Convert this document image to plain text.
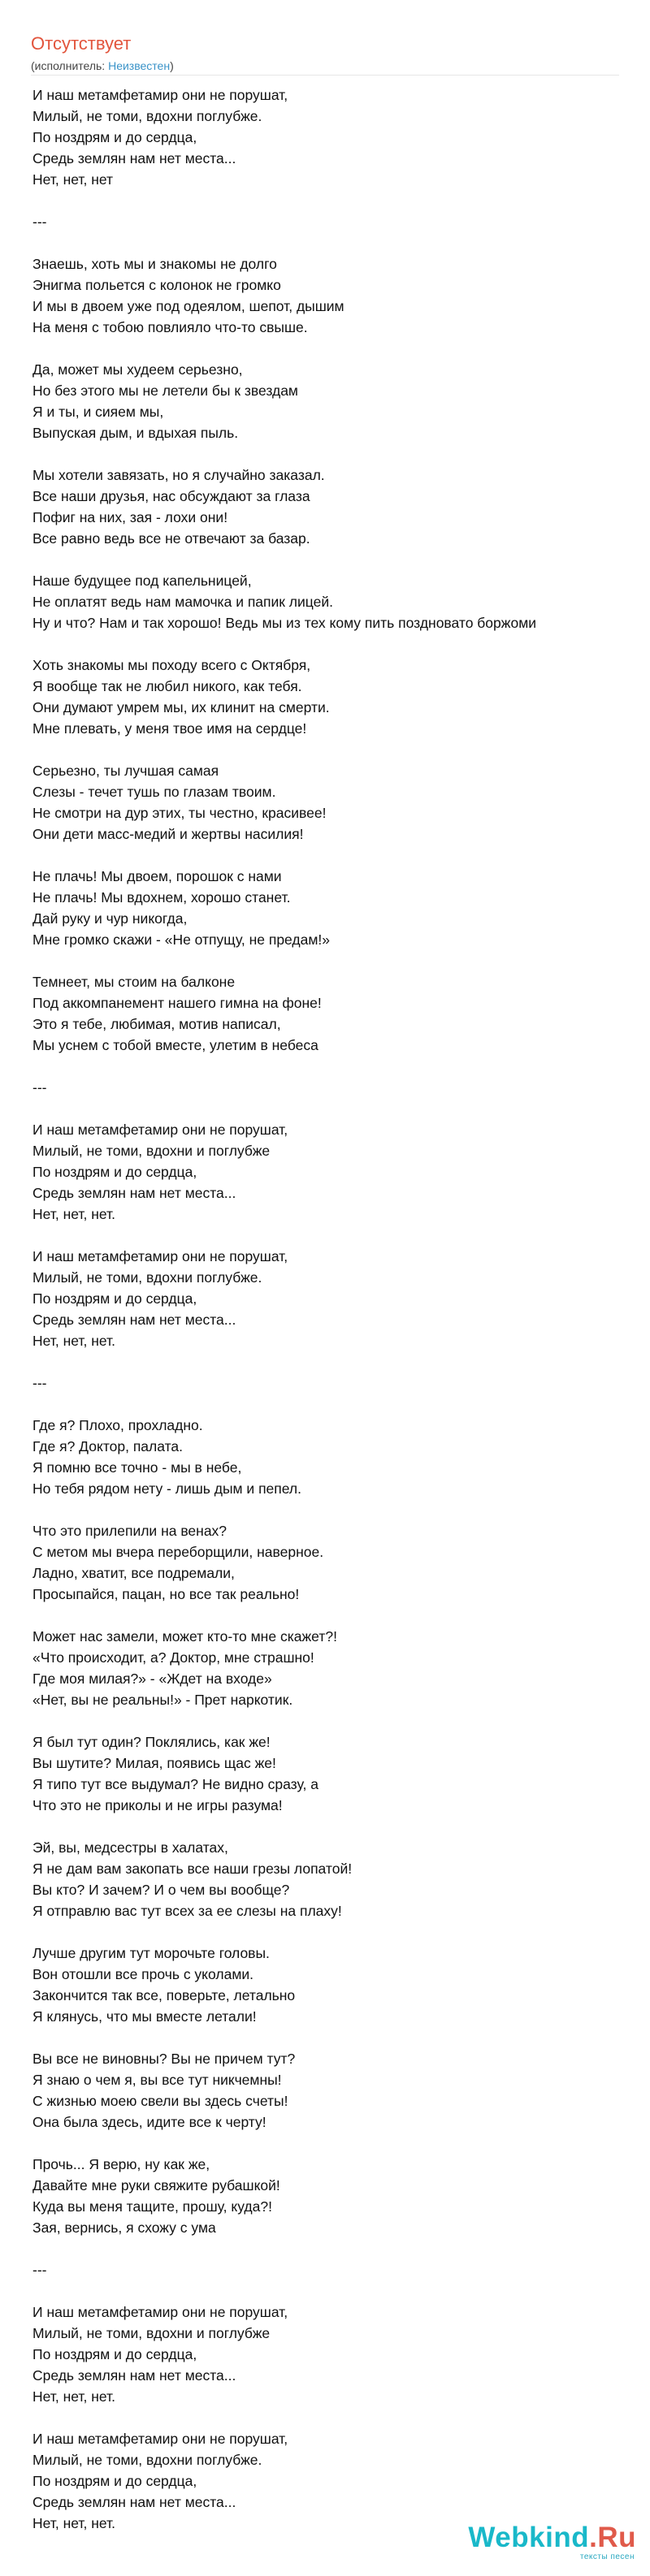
Отсутствует
(исполнитель: Неизвестен)
И наш метамфетамир они не порушат,
Милый, не томи, вдохни поглубже.
По ноздрям и до сердца,
Средь землян нам нет места...
Нет, нет, нет
---
Знаешь, хоть мы и знакомы не долго
Энигма польется с колонок не громко
И мы в двоем уже под одеялом, шепот, дышим
На меня с тобою повлияло что-то свыше.
Да, может мы худеем серьезно,
Но без этого мы не летели бы к звездам
Я и ты, и сияем мы,
Выпуская дым, и вдыхая пыль.
Мы хотели завязать, но я случайно заказал.
Все наши друзья, нас обсуждают за глаза
Пофиг на них, зая - лохи они!
Все равно ведь все не отвечают за базар.
Наше будущее под капельницей,
Не оплатят ведь нам мамочка и папик лицей.
Ну и что? Нам и так хорошо! Ведь мы из тех кому пить поздновато боржоми
Хоть знакомы мы походу всего с Октября,
Я вообще так не любил никого, как тебя.
Они думают умрем мы, их клинит на смерти.
Мне плевать, у меня твое имя на сердце!
Серьезно, ты лучшая самая
Слезы - течет тушь по глазам твоим.
Не смотри на дур этих, ты честно, красивее!
Они дети масс-медий и жертвы насилия!
Не плачь! Мы двоем, порошок с нами
Не плачь! Мы вдохнем, хорошо станет.
Дай руку и чур никогда,
Мне громко скажи - «Не отпущу, не предам!»
Темнеет, мы стоим на балконе
Под аккомпанемент нашего гимна на фоне!
Это я тебе, любимая, мотив написал,
Мы уснем с тобой вместе, улетим в небеса
---
И наш метамфетамир они не порушат,
Милый, не томи, вдохни и поглубже
По ноздрям и до сердца,
Средь землян нам нет места...
Нет, нет, нет.
И наш метамфетамир они не порушат,
Милый, не томи, вдохни поглубже.
По ноздрям и до сердца,
Средь землян нам нет места...
Нет, нет, нет.
---
Где я? Плохо, прохладно.
Где я? Доктор, палата.
Я помню все точно - мы в небе,
Но тебя рядом нету - лишь дым и пепел.
Что это прилепили на венах?
С метом мы вчера переборщили, наверное.
Ладно, хватит, все подремали,
Просыпайся, пацан, но все так реально!
Может нас замели, может кто-то мне скажет?!
«Что происходит, а? Доктор, мне страшно!
Где моя милая?» - «Ждет на входе»
«Нет, вы не реальны!» - Прет наркотик.
Я был тут один? Поклялись, как же!
Вы шутите? Милая, появись щас же!
Я типо тут все выдумал? Не видно сразу, а
Что это не приколы и не игры разума!
Эй, вы, медсестры в халатах,
Я не дам вам закопать все наши грезы лопатой!
Вы кто? И зачем? И о чем вы вообще?
Я отправлю вас тут всех за ее слезы на плаху!
Лучше другим тут морочьте головы.
Вон отошли все прочь с уколами.
Закончится так все, поверьте, летально
Я клянусь, что мы вместе летали!
Вы все не виновны? Вы не причем тут?
Я знаю о чем я, вы все тут никчемны!
С жизнью моею свели вы здесь счеты!
Она была здесь, идите все к черту!
Прочь... Я верю, ну как же,
Давайте мне руки свяжите рубашкой!
Куда вы меня тащите, прошу, куда?!
Зая, вернись, я схожу с ума
---
И наш метамфетамир они не порушат,
Милый, не томи, вдохни и поглубже
По ноздрям и до сердца,
Средь землян нам нет места...
Нет, нет, нет.
И наш метамфетамир они не порушат,
Милый, не томи, вдохни поглубже.
По ноздрям и до сердца,
Средь землян нам нет места...
Нет, нет, нет.	Webkind.Ru
тексты песен
